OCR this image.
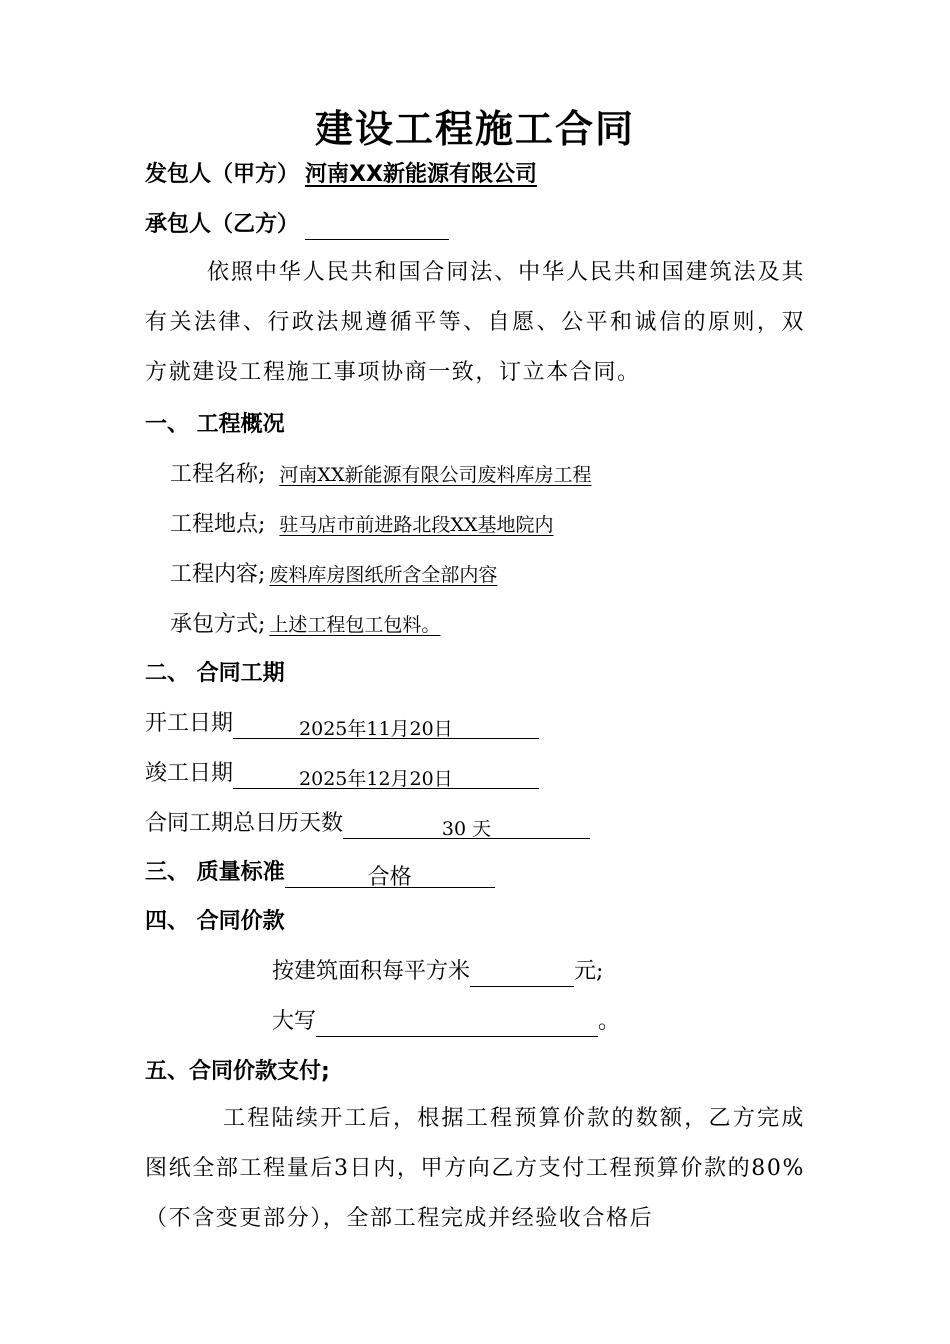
建设工程施工合同
发包人（甲方） 河南XX新能源有限公司
承包人（乙方）
依照中华人民共和国合同法、中华人民共和国建筑法及其有关法律、行政法规遵循平等、自愿、公平和诚信的原则，双方就建设工程施工事项协商一致，订立本合同。
一、 工程概况
工程名称; 河南XX新能源有限公司废料库房工程
工程地点; 驻马店市前进路北段XX基地院内
工程内容; 废料库房图纸所含全部内容
承包方式; 上述工程包工包料。
二、 合同工期
开工日期	2025年11月20日
竣工日期	2025年12月20日
合同工期总日历天数	30 天
三、 质量标准	合格
四、 合同价款
按建筑面积每平方米	元;
大写	。
五、合同价款支付;
工程陆续开工后，根据工程预算价款的数额，乙方完成图纸全部工程量后3日内，甲方向乙方支付工程预算价款的80%（不含变更部分），全部工程完成并经验收合格后
